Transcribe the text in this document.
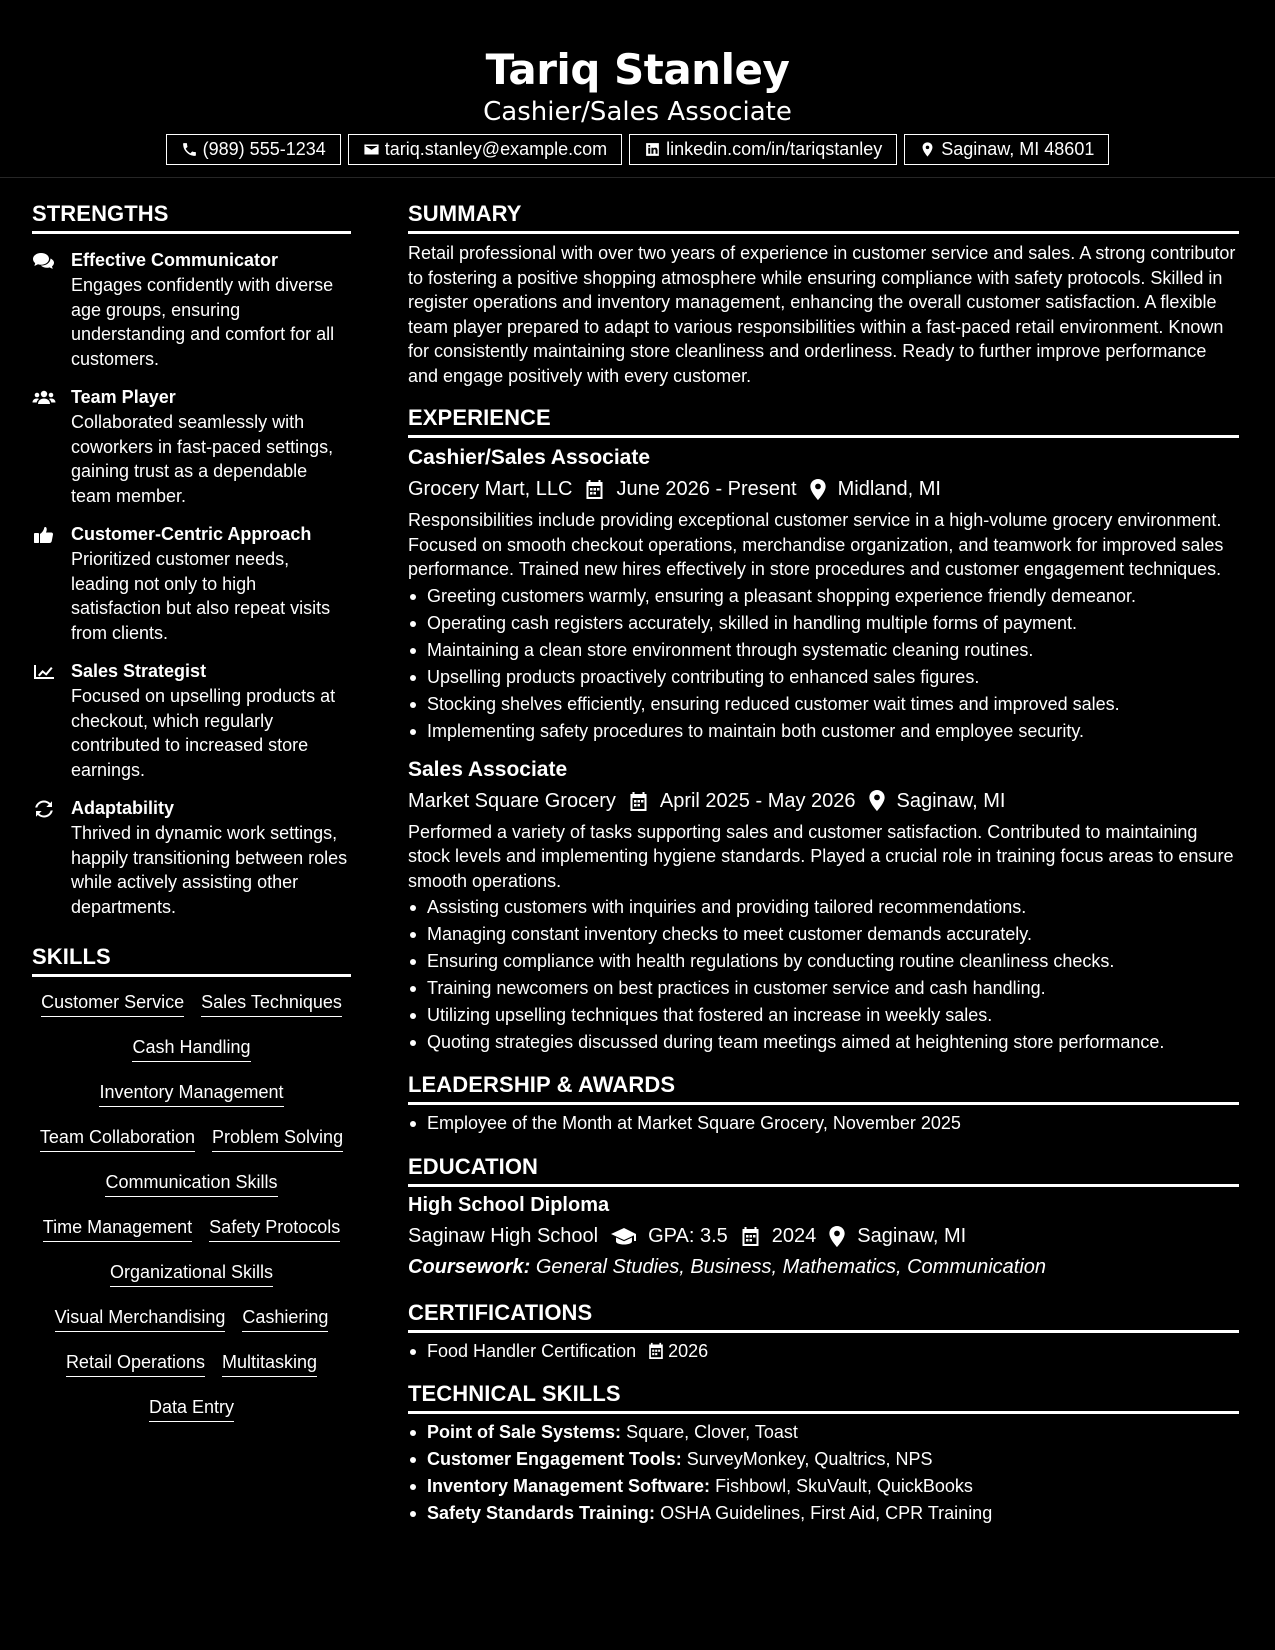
Tariq Stanley
Cashier/Sales Associate
(989) 555-1234	tariq.stanley@example.com	linkedin.com/in/tariqstanley	Saginaw, MI 48601
STRENGTHS
Effective Communicator
Engages confidently with diverse age groups, ensuring understanding and comfort for all customers.
Team Player
Collaborated seamlessly with coworkers in fast-paced settings, gaining trust as a dependable team member.
Customer-Centric Approach
Prioritized customer needs, leading not only to high satisfaction but also repeat visits from clients.
Sales Strategist
Focused on upselling products at checkout, which regularly contributed to increased store earnings.
Adaptability
Thrived in dynamic work settings, happily transitioning between roles while actively assisting other departments.
SKILLS
Customer Service Sales Techniques
Cash Handling
Inventory Management
Team Collaboration Problem Solving
Communication Skills
Time Management Safety Protocols
Organizational Skills
Visual Merchandising Cashiering
Retail Operations Multitasking
Data Entry
SUMMARY
Retail professional with over two years of experience in customer service and sales. A strong contributor to fostering a positive shopping atmosphere while ensuring compliance with safety protocols. Skilled in register operations and inventory management, enhancing the overall customer satisfaction. A flexible team player prepared to adapt to various responsibilities within a fast-paced retail environment. Known for consistently maintaining store cleanliness and orderliness. Ready to further improve performance and engage positively with every customer.
EXPERIENCE
Cashier/Sales Associate
Grocery Mart, LLC June 2026 - Present Midland, MI
Responsibilities include providing exceptional customer service in a high-volume grocery environment. Focused on smooth checkout operations, merchandise organization, and teamwork for improved sales performance. Trained new hires effectively in store procedures and customer engagement techniques.
Greeting customers warmly, ensuring a pleasant shopping experience friendly demeanor.
Operating cash registers accurately, skilled in handling multiple forms of payment.
Maintaining a clean store environment through systematic cleaning routines.
Upselling products proactively contributing to enhanced sales figures.
Stocking shelves efficiently, ensuring reduced customer wait times and improved sales.
Implementing safety procedures to maintain both customer and employee security.
Sales Associate
Market Square Grocery April 2025 - May 2026 Saginaw, MI
Performed a variety of tasks supporting sales and customer satisfaction. Contributed to maintaining stock levels and implementing hygiene standards. Played a crucial role in training focus areas to ensure smooth operations.
Assisting customers with inquiries and providing tailored recommendations.
Managing constant inventory checks to meet customer demands accurately.
Ensuring compliance with health regulations by conducting routine cleanliness checks.
Training newcomers on best practices in customer service and cash handling.
Utilizing upselling techniques that fostered an increase in weekly sales.
Quoting strategies discussed during team meetings aimed at heightening store performance.
LEADERSHIP & AWARDS
Employee of the Month at Market Square Grocery, November 2025
EDUCATION
High School Diploma
Saginaw High School	GPA: 3.5 2024 Saginaw, MI
Coursework: General Studies, Business, Mathematics, Communication
CERTIFICATIONS
Food Handler Certification 2026
TECHNICAL SKILLS
Point of Sale Systems: Square, Clover, Toast
Customer Engagement Tools: SurveyMonkey, Qualtrics, NPS
Inventory Management Software: Fishbowl, SkuVault, QuickBooks
Safety Standards Training: OSHA Guidelines, First Aid, CPR Training
